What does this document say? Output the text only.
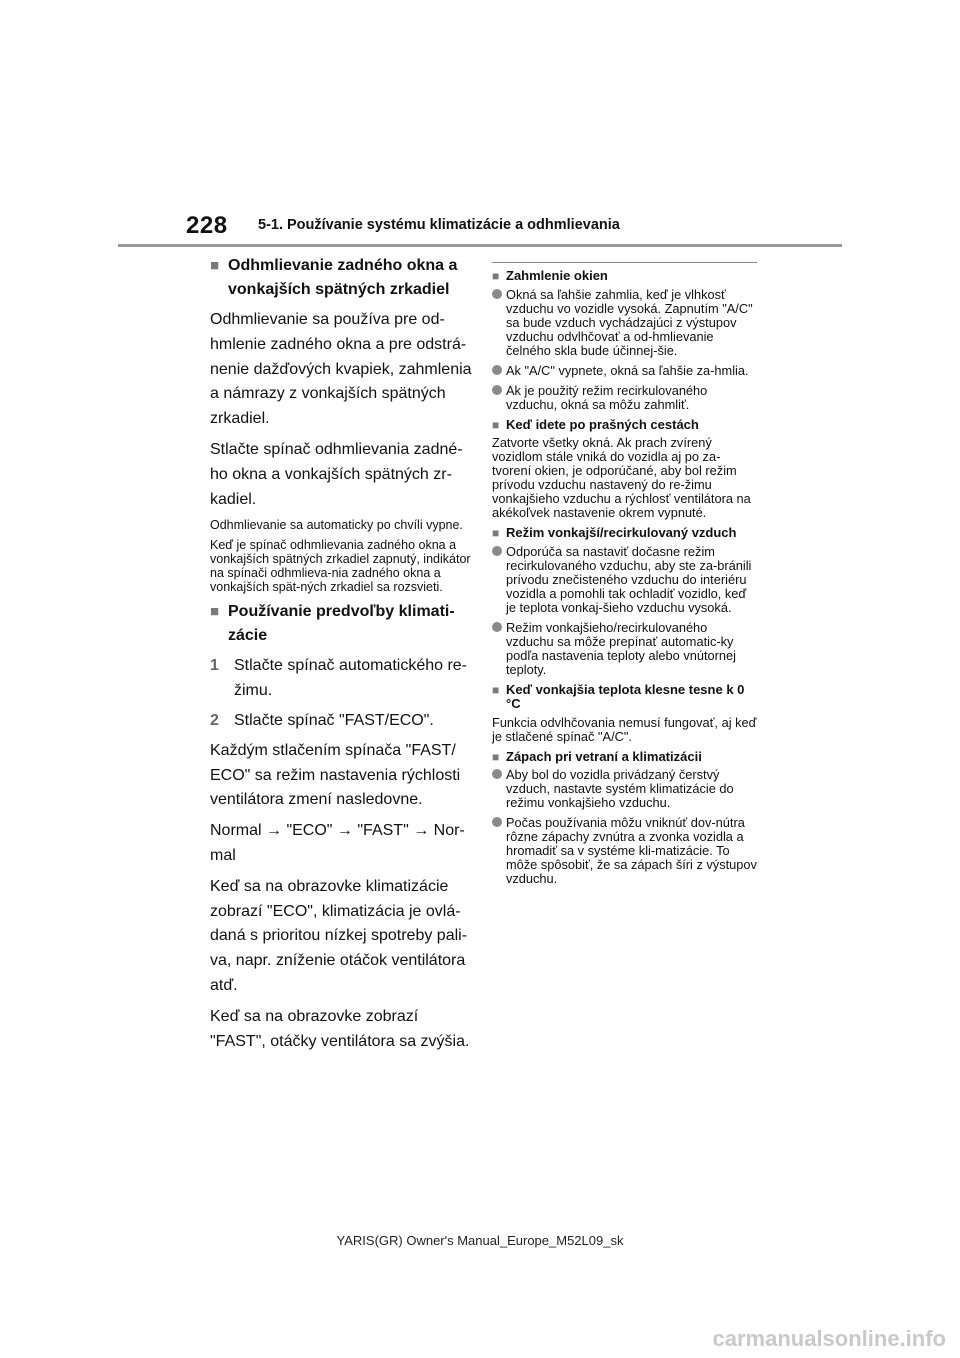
228 5-1. Používanie systému klimatizácie a odhmlievania
■ Odhmlievanie zadného okna a vonkajších spätných zrkadiel

Odhmlievanie sa používa pre od-hmlenie zadného okna a pre odstrá-nenie dažďových kvapiek, zahmlenia a námrazy z vonkajších spätných zrkadiel.

Stlačte spínač odhmlievania zadné-ho okna a vonkajších spätných zr-kadiel.

Odhmlievanie sa automaticky po chvíli vypne.

Keď je spínač odhmlievania zadného okna a vonkajších spätných zrkadiel zapnutý, indikátor na spínači odhmlieva-nia zadného okna a vonkajších spät-ných zrkadiel sa rozsvieti.

■ Používanie predvoľby klimati-zácie
1 Stlačte spínač automatického re-žimu.
2 Stlačte spínač "FAST/ECO".

Každým stlačením spínača "FAST/ ECO" sa režim nastavenia rýchlosti ventilátora zmení nasledovne.

Normal → "ECO" → "FAST" → Nor-mal

Keď sa na obrazovke klimatizácie zobrazí "ECO", klimatizácia je ovlá-daná s prioritou nízkej spotreby pali-va, napr. zníženie otáčok ventilátora atď.

Keď sa na obrazovke zobrazí "FAST", otáčky ventilátora sa zvýšia.

■ Zahmlenie okien
Okná sa ľahšie zahmlia, keď je vlhkosť vzduchu vo vozidle vysoká. Zapnutím "A/C" sa bude vzduch vychádzajúci z výstupov vzduchu odvlhčovať a od-hmlievanie čelného skla bude účinnej-šie.
Ak "A/C" vypnete, okná sa ľahšie za-hmlia.
Ak je použitý režim recirkulovaného vzduchu, okná sa môžu zahmliť.
■ Keď idete po prašných cestách

Zatvorte všetky okná. Ak prach zvírený vozidlom stále vniká do vozidla aj po za-tvorení okien, je odporúčané, aby bol režim prívodu vzduchu nastavený do re-žimu vonkajšieho vzduchu a rýchlosť ventilátora na akékoľvek nastavenie okrem vypnuté.

■ Režim vonkajší/recirkulovaný vzduch
Odporúča sa nastaviť dočasne režim recirkulovaného vzduchu, aby ste za-bránili prívodu znečisteného vzduchu do interiéru vozidla a pomohli tak ochladiť vozidlo, keď je teplota vonkaj-šieho vzduchu vysoká.
Režim vonkajšieho/recirkulovaného vzduchu sa môže prepínať automatic-ky podľa nastavenia teploty alebo vnútornej teploty.
■ Keď vonkajšia teplota klesne tesne k 0 °C

Funkcia odvlhčovania nemusí fungovať, aj keď je stlačené spínač "A/C".

■ Zápach pri vetraní a klimatizácii
Aby bol do vozidla privádzaný čerstvý vzduch, nastavte systém klimatizácie do režimu vonkajšieho vzduchu.
Počas používania môžu vniknúť dov-nútra rôzne zápachy zvnútra a zvonka vozidla a hromadiť sa v systéme kli-matizácie. To môže spôsobiť, že sa zápach šíri z výstupov vzduchu.
YARIS(GR) Owner's Manual_Europe_M52L09_sk
carmanualsonline.info
